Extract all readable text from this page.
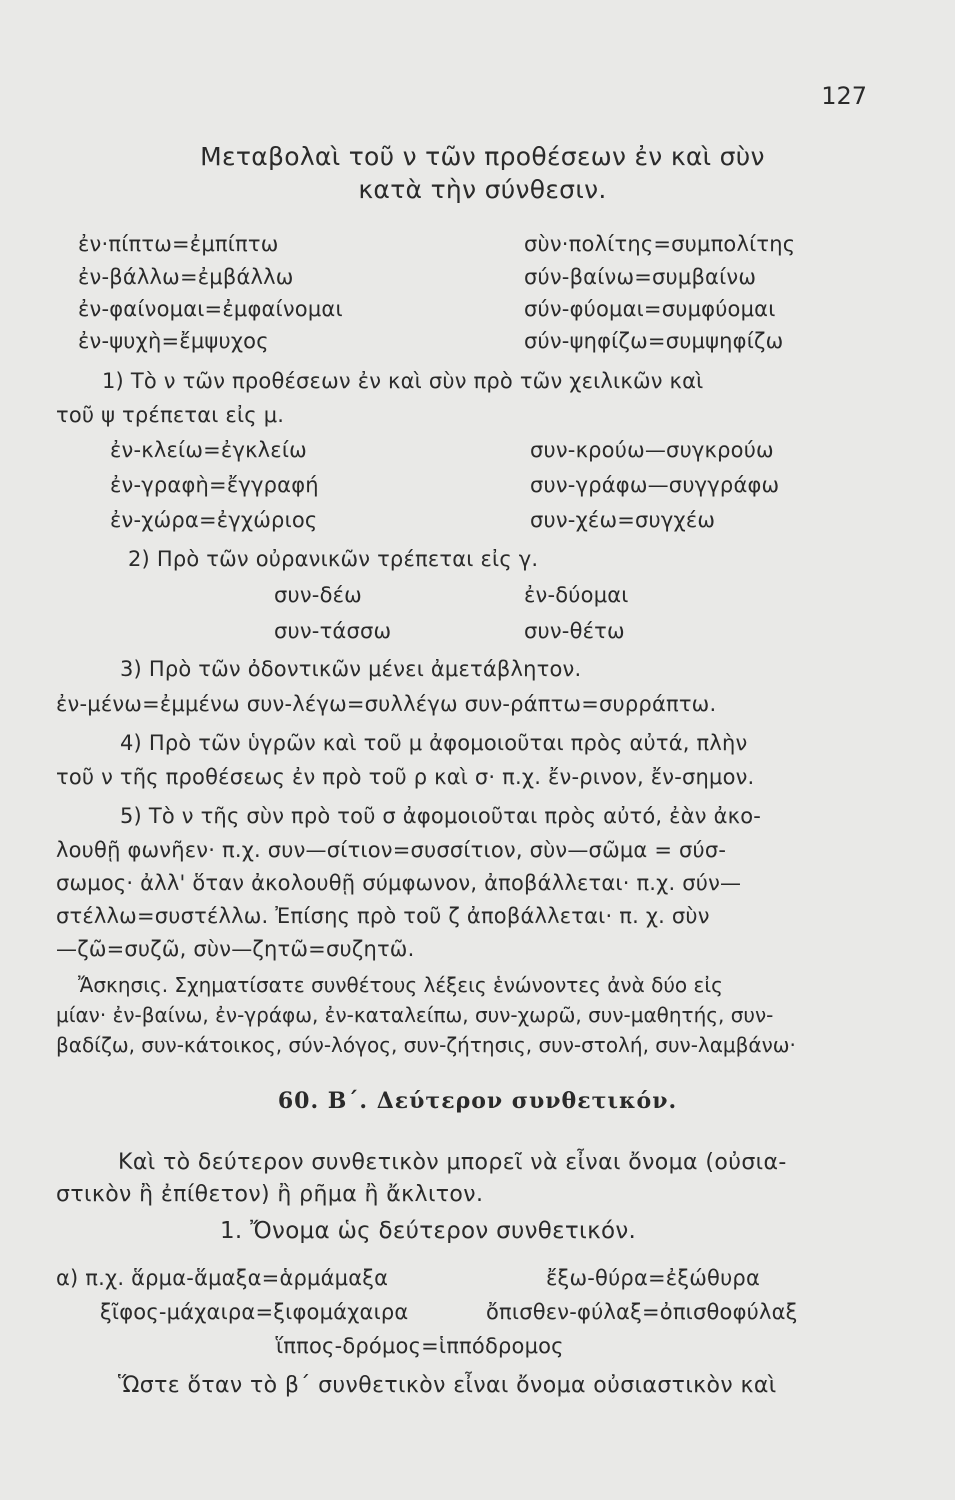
127
Μεταβολαὶ τοῦ ν τῶν προθέσεων ἐν καὶ σὺν
κατὰ τὴν σύνθεσιν.
ἐν·πίπτω=ἐμπίπτω
ἐν-βάλλω=ἐμβάλλω
ἐν-φαίνομαι=ἐμφαίνομαι
ἐν-ψυχὴ=ἔμψυχος
σὺν·πολίτης=συμπολίτης
σύν-βαίνω=συμβαίνω
σύν-φύομαι=συμφύομαι
σύν-ψηφίζω=συμψηφίζω
1) Τὸ ν τῶν προθέσεων ἐν καὶ σὺν πρὸ τῶν χειλικῶν καὶ
τοῦ ψ τρέπεται εἰς μ.
ἐν-κλείω=ἐγκλείω
ἐν-γραφὴ=ἔγγραφή
ἐν-χώρα=ἐγχώριος
συν-κρούω—συγκρούω
συν-γράφω—συγγράφω
συν-χέω=συγχέω
2) Πρὸ τῶν οὐρανικῶν τρέπεται εἰς γ.
συν-δέω
συν-τάσσω
ἐν-δύομαι
συν-θέτω
3) Πρὸ τῶν ὀδοντικῶν μένει ἀμετάβλητον.
ἐν-μένω=ἐμμένω συν-λέγω=συλλέγω συν-ράπτω=συρράπτω.
4) Πρὸ τῶν ὑγρῶν καὶ τοῦ μ ἀφομοιοῦται πρὸς αὐτά, πλὴν
τοῦ ν τῆς προθέσεως ἐν πρὸ τοῦ ρ καὶ σ· π.χ. ἔν-ρινον, ἔν-σημον.
5) Τὸ ν τῆς σὺν πρὸ τοῦ σ ἀφομοιοῦται πρὸς αὐτό, ἐὰν ἀκο-
λουθῇ φωνῆεν· π.χ. συν—σίτιον=συσσίτιον, σὺν—σῶμα = σύσ-
σωμος· ἀλλ' ὅταν ἀκολουθῇ σύμφωνον, ἀποβάλλεται· π.χ. σύν—
στέλλω=συστέλλω. Ἐπίσης πρὸ τοῦ ζ ἀποβάλλεται· π. χ. σὺν
—ζῶ=συζῶ, σὺν—ζητῶ=συζητῶ.
Ἄσκησις. Σχηματίσατε συνθέτους λέξεις ἑνώνοντες ἀνὰ δύο εἰς
μίαν· ἐν-βαίνω, ἐν-γράφω, ἐν-καταλείπω, συν-χωρῶ, συν-μαθητής, συν-
βαδίζω, συν-κάτοικος, σύν-λόγος, συν-ζήτησις, συν-στολή, συν-λαμβάνω·
60. Β΄. Δεύτερον συνθετικόν.
Καὶ τὸ δεύτερον συνθετικὸν μπορεῖ νὰ εἶναι ὄνομα (οὐσια-
στικὸν ἢ ἐπίθετον) ἢ ρῆμα ἢ ἄκλιτον.
1. Ὄνομα ὡς δεύτερον συνθετικόν.
α) π.χ. ἅρμα-ἅμαξα=ἁρμάμαξα	ἔξω-θύρα=ἐξώθυρα
ξῖφος-μάχαιρα=ξιφομάχαιρα	ὄπισθεν-φύλαξ=ὀπισθοφύλαξ
ἵππος-δρόμος=ἱππόδρομος
Ὥστε ὅταν τὸ β΄ συνθετικὸν εἶναι ὄνομα οὐσιαστικὸν καὶ
